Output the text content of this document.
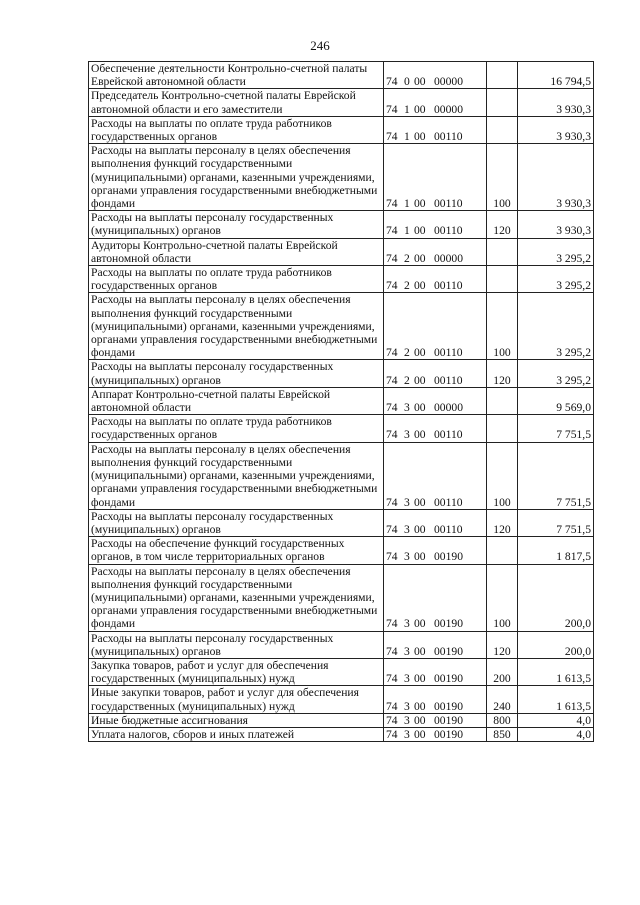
246
Обеспечение деятельности Контрольно-счетной палаты Еврейской автономной области	74 0 00 00000		16 794,5
Председатель Контрольно-счетной палаты Еврейской автономной области и его заместители	74 1 00 00000		3 930,3
Расходы на выплаты по оплате труда работников государственных органов	74 1 00 00110		3 930,3
Расходы на выплаты персоналу в целях обеспечения выполнения функций государственными (муниципальными) органами, казенными учреждениями, органами управления государственными внебюджетными фондами	74 1 00 00110	100	3 930,3
Расходы на выплаты персоналу государственных (муниципальных) органов	74 1 00 00110	120	3 930,3
Аудиторы Контрольно-счетной палаты Еврейской автономной области	74 2 00 00000		3 295,2
Расходы на выплаты по оплате труда работников государственных органов	74 2 00 00110		3 295,2
Расходы на выплаты персоналу в целях обеспечения выполнения функций государственными (муниципальными) органами, казенными учреждениями, органами управления государственными внебюджетными фондами	74 2 00 00110	100	3 295,2
Расходы на выплаты персоналу государственных (муниципальных) органов	74 2 00 00110	120	3 295,2
Аппарат Контрольно-счетной палаты Еврейской автономной области	74 3 00 00000		9 569,0
Расходы на выплаты по оплате труда работников государственных органов	74 3 00 00110		7 751,5
Расходы на выплаты персоналу в целях обеспечения выполнения функций государственными (муниципальными) органами, казенными учреждениями, органами управления государственными внебюджетными фондами	74 3 00 00110	100	7 751,5
Расходы на выплаты персоналу государственных (муниципальных) органов	74 3 00 00110	120	7 751,5
Расходы на обеспечение функций государственных органов, в том числе территориальных органов	74 3 00 00190		1 817,5
Расходы на выплаты персоналу в целях обеспечения выполнения функций государственными (муниципальными) органами, казенными учреждениями, органами управления государственными внебюджетными фондами	74 3 00 00190	100	200,0
Расходы на выплаты персоналу государственных (муниципальных) органов	74 3 00 00190	120	200,0
Закупка товаров, работ и услуг для обеспечения государственных (муниципальных) нужд	74 3 00 00190	200	1 613,5
Иные закупки товаров, работ и услуг для обеспечения государственных (муниципальных) нужд	74 3 00 00190	240	1 613,5
Иные бюджетные ассигнования	74 3 00 00190	800	4,0
Уплата налогов, сборов и иных платежей	74 3 00 00190	850	4,0
